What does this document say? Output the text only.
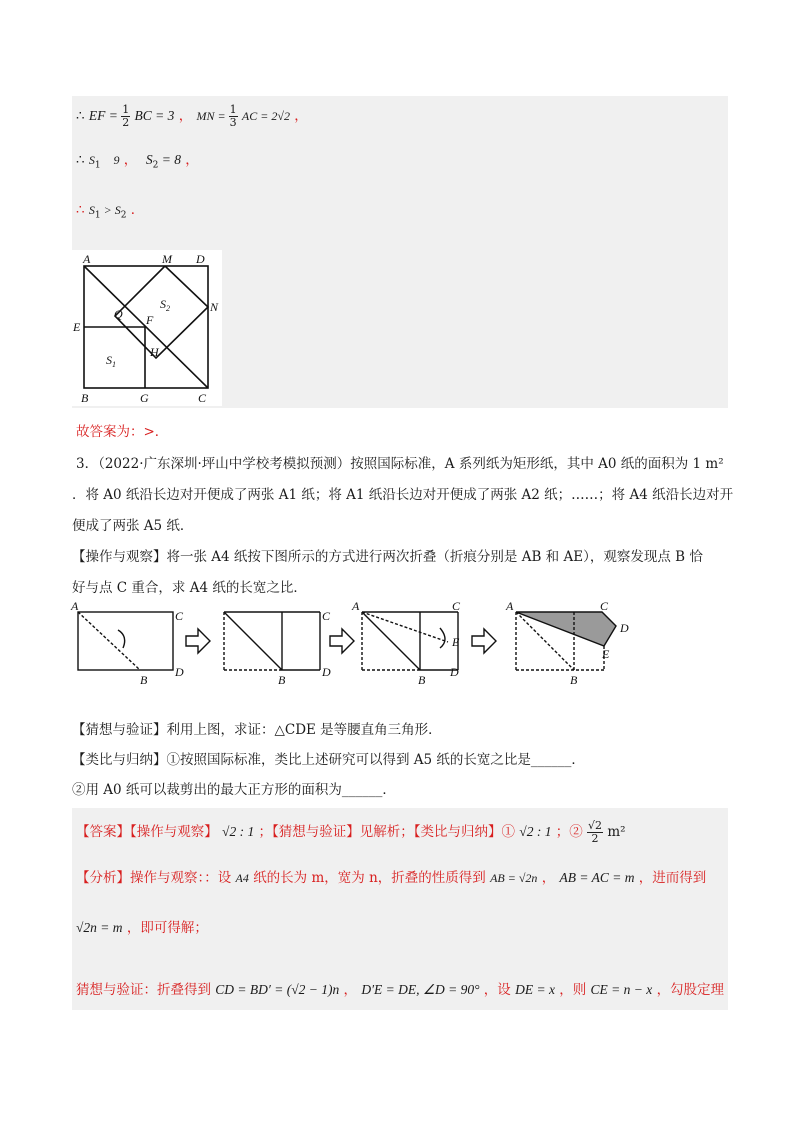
∴ EF = $\frac{1}{2}$ BC = 3 ， MN = $\frac{1}{3}$ AC = 2√2 ，
∴ $S_1$ 9 ， $S_2 = 8$ ，
∴ $S_1 > S_2$ ．
A	M D
N
E
Q F
$S_2$
$S_1$
H
B	G	C
故答案为：>．
3．（2022·广东深圳·坪山中学校考模拟预测）按照国际标准，A 系列纸为矩形纸，其中 A0 纸的面积为 1 m²
．将 A0 纸沿长边对开便成了两张 A1 纸；将 A1 纸沿长边对开便成了两张 A2 纸；……；将 A4 纸沿长边对开
便成了两张 A5 纸．
【操作与观察】将一张 A4 纸按下图所示的方式进行两次折叠（折痕分别是 AB 和 AE），观察发现点 B 恰
好与点 C 重合，求 A4 纸的长宽之比．
A
C
D
B
C
D
B
A	C
E
B
D
A	C
D
E
B
【猜想与验证】利用上图，求证：△CDE 是等腰直角三角形．
【类比与归纳】①按照国际标准，类比上述研究可以得到 A5 纸的长宽之比是______．
②用 A0 纸可以裁剪出的最大正方形的面积为______．
【答案】【操作与观察】 √2 : 1 ；【猜想与验证】见解析；【类比与归纳】① √2 : 1 ；② $\frac{√2}{2} m^2$
【分析】操作与观察：：设 A4 纸的长为 m，宽为 n，折叠的性质得到 AB = √2n ， AB = AC = m ，进而得到
√2n = m ，即可得解；
猜想与验证：折叠得到 CD = BD′ = (√2 − 1)n ， D′E = DE, ∠D = 90° ，设 DE = x ，则 CE = n − x ，勾股定理
